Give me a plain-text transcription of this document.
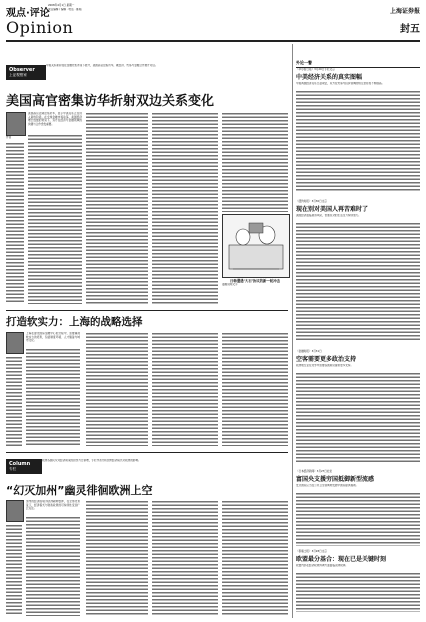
观点·评论
2008年4月1日 星期一
责任编辑 / 编辑 · 电话 · 邮箱
Opinion
上海证券报
封五
Observer
上证观察家
中美关系新阶段在金融危机背景下展开，美国高官密集访华，就经济、贸易与金融合作展开对话。
美国高官密集访华折射双边关系变化
作者
美国高官近期密集访华，显示中美关系正在进入新的阶段。在全球金融市场动荡、美国经济增长放缓的背景下，双方在经济与金融领域的沟通与合作愈发重要。
日韩遭遇‘大石’协议的新一轮冲击
漫画说明文字
打造软实力：上海的战略选择
上海在建设国际金融中心的过程中，需要重视软实力的培育，包括制度环境、人才储备与城市文化。
Column
专栏
欧洲各国民众对经济前景的担忧与日俱增，专栏作者分析加州经济模式对欧洲的影响。
“幻灭加州”幽灵徘徊欧洲上空
加州的经济困境为欧洲敲响警钟，在全球化背景下，经济模式与财政政策的可持续性受到广泛关注。
外论一瞥
《华尔街日报》3月29日专栏文章
中美经济关系的真实图幅
中美两国经济关系日益紧密，双方在贸易与投资领域的相互依存度不断提高。
《纽约时报》3月30日文章
现在别对美国人再苦难时了
美国经济面临衰退风险，普通民众的生活压力持续加大。
《金融时报》3月31日
空客需要更多政治支持
欧洲航空业在竞争中需要各国政府提供更多支持。
《日本经济新闻》3月27日社论
富国央支援穷国抵御新型流感
发达国家应当在公共卫生领域向发展中国家提供援助。
《泰晤士报》3月28日文章
欧盟最分基合：现在已是关键时刻
欧盟内部在经济政策协调方面面临关键抉择。
